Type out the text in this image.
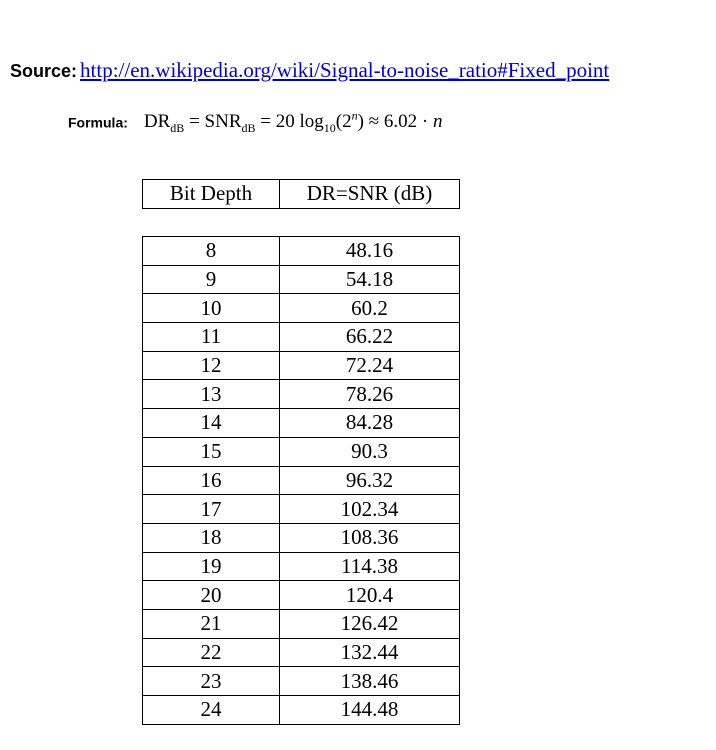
Source: http://en.wikipedia.org/wiki/Signal-to-noise_ratio#Fixed_point
Formula: $DR_{dB} = SNR_{dB} = 20$ $\log_{10}(2^n) \approx 6.02 \cdot n$
Bit Depth	DR=SNR (dB)
8	48.16
9	54.18
10	60.2
11	66.22
12	72.24
13	78.26
14	84.28
15	90.3
16	96.32
17	102.34
18	108.36
19	114.38
20	120.4
21	126.42
22	132.44
23	138.46
24	144.48
